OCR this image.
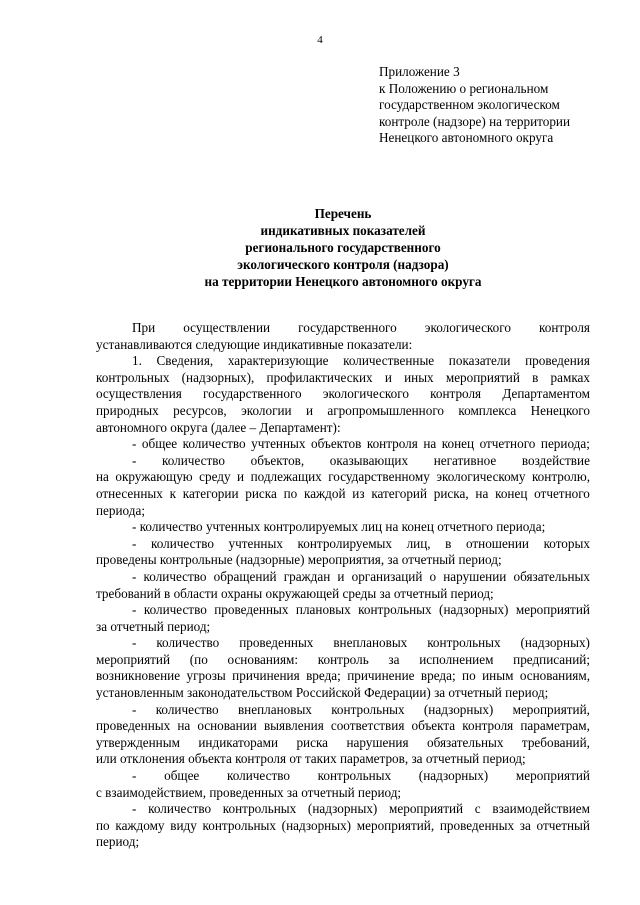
4
Приложение 3
к Положению о региональном
государственном экологическом
контроле (надзоре) на территории
Ненецкого автономного округа
Перечень
индикативных показателей
регионального государственного
экологического контроля (надзора)
на территории Ненецкого автономного округа
При осуществлении государственного экологического контроля
устанавливаются следующие индикативные показатели:
1. Сведения, характеризующие количественные показатели проведения
контрольных (надзорных), профилактических и иных мероприятий в рамках
осуществления государственного экологического контроля Департаментом
природных ресурсов, экологии и агропромышленного комплекса Ненецкого
автономного округа (далее – Департамент):
- общее количество учтенных объектов контроля на конец отчетного периода;
- количество объектов, оказывающих негативное воздействие
на окружающую среду и подлежащих государственному экологическому контролю,
отнесенных к категории риска по каждой из категорий риска, на конец отчетного
периода;
- количество учтенных контролируемых лиц на конец отчетного периода;
- количество учтенных контролируемых лиц, в отношении которых
проведены контрольные (надзорные) мероприятия, за отчетный период;
- количество обращений граждан и организаций о нарушении обязательных
требований в области охраны окружающей среды за отчетный период;
- количество проведенных плановых контрольных (надзорных) мероприятий
за отчетный период;
- количество проведенных внеплановых контрольных (надзорных)
мероприятий (по основаниям: контроль за исполнением предписаний;
возникновение угрозы причинения вреда; причинение вреда; по иным основаниям,
установленным законодательством Российской Федерации) за отчетный период;
- количество внеплановых контрольных (надзорных) мероприятий,
проведенных на основании выявления соответствия объекта контроля параметрам,
утвержденным индикаторами риска нарушения обязательных требований,
или отклонения объекта контроля от таких параметров, за отчетный период;
- общее количество контрольных (надзорных) мероприятий
с взаимодействием, проведенных за отчетный период;
- количество контрольных (надзорных) мероприятий с взаимодействием
по каждому виду контрольных (надзорных) мероприятий, проведенных за отчетный
период;
